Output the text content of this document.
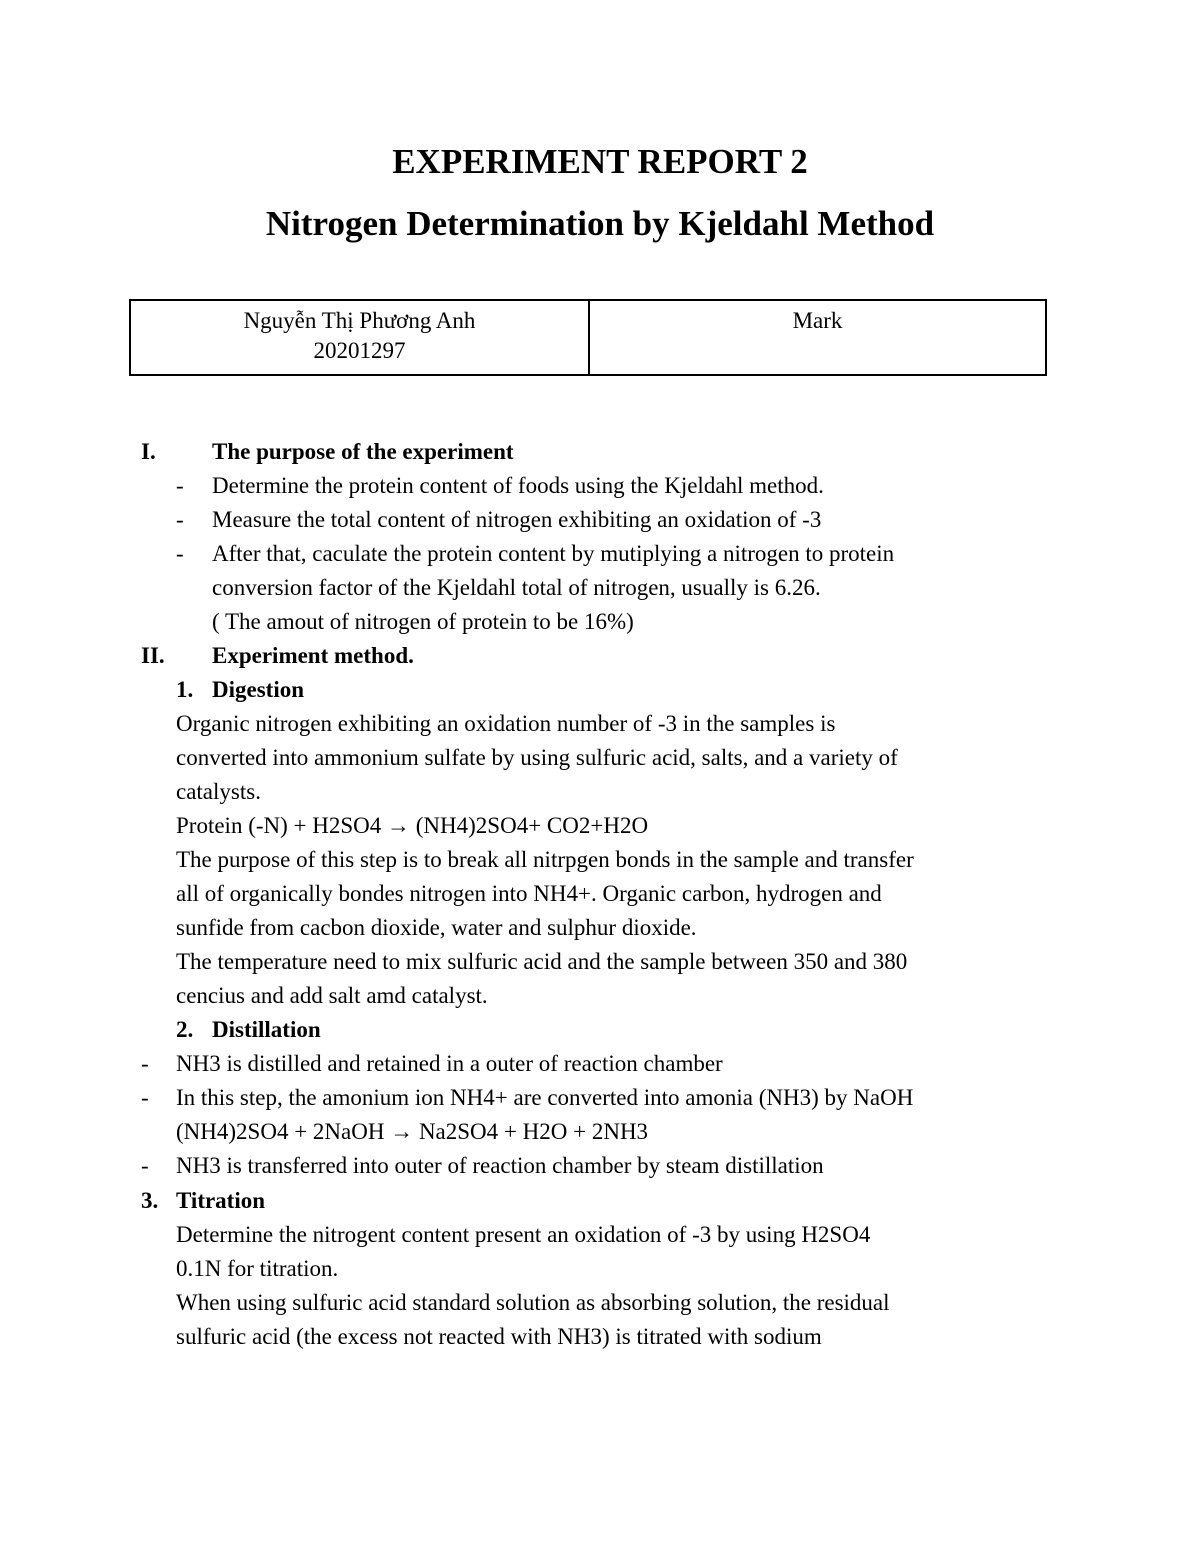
EXPERIMENT REPORT 2
Nitrogen Determination by Kjeldahl Method
Nguyễn Thị Phương Anh
20201297
Mark
I. The purpose of the experiment
- Determine the protein content of foods using the Kjeldahl method.
- Measure the total content of nitrogen exhibiting an oxidation of -3
- After that, caculate the protein content by mutiplying a nitrogen to protein
conversion factor of the Kjeldahl total of nitrogen, usually is 6.26.
( The amout of nitrogen of protein to be 16%)
II. Experiment method.
1. Digestion
Organic nitrogen exhibiting an oxidation number of -3 in the samples is
converted into ammonium sulfate by using sulfuric acid, salts, and a variety of
catalysts.
Protein (-N) + H2SO4 → (NH4)2SO4+ CO2+H2O
The purpose of this step is to break all nitrpgen bonds in the sample and transfer
all of organically bondes nitrogen into NH4+. Organic carbon, hydrogen and
sunfide from cacbon dioxide, water and sulphur dioxide.
The temperature need to mix sulfuric acid and the sample between 350 and 380
cencius and add salt amd catalyst.
2. Distillation
- NH3 is distilled and retained in a outer of reaction chamber
- In this step, the amonium ion NH4+ are converted into amonia (NH3) by NaOH
(NH4)2SO4 + 2NaOH → Na2SO4 + H2O + 2NH3
- NH3 is transferred into outer of reaction chamber by steam distillation
3. Titration
Determine the nitrogent content present an oxidation of -3 by using H2SO4
0.1N for titration.
When using sulfuric acid standard solution as absorbing solution, the residual
sulfuric acid (the excess not reacted with NH3) is titrated with sodium
